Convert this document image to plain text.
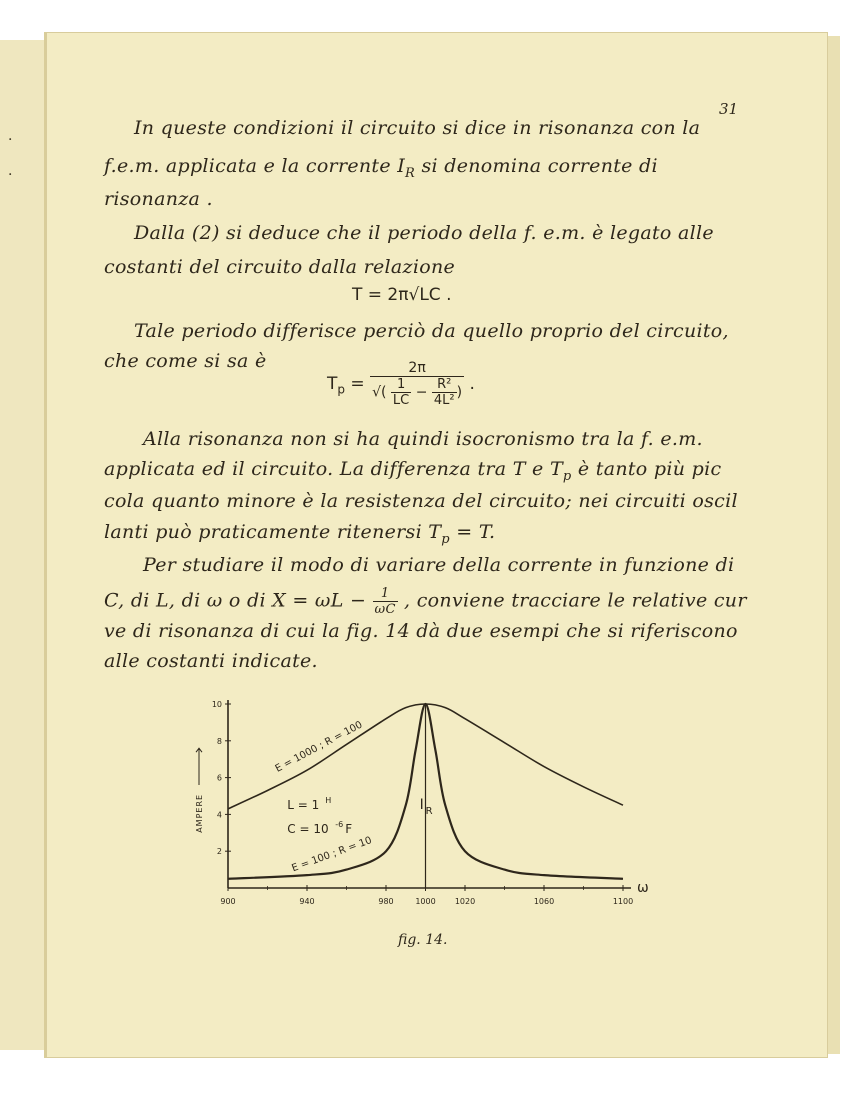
·
·
31
In queste condizioni il circuito si dice in risonanza con la
f.e.m. applicata e la corrente $I_R$ si denomina corrente di
risonanza .
Dalla (2) si deduce che il periodo della f. e.m. è legato alle
costanti del circuito dalla relazione
T = 2π√LC .
Tale periodo differisce perciò da quello proprio del circuito,
che come si sa è
$T_p = \frac{2\pi}{√( \frac{1}{LC} - \frac{\text{R²}}{\text{4L²}} )}$ .
Alla risonanza non si ha quindi isocronismo tra la f. e.m.
applicata ed il circuito. La differenza tra T e $T_p$ è tanto più pic
cola quanto minore è la resistenza del circuito; nei circuiti oscil
lanti può praticamente ritenersi $T_p = T$.
Per studiare il modo di variare della corrente in funzione di
C, di L, di ω o di $X = \omega L - \frac{1}{\omega C}$ , conviene tracciare le relative cur
ve di risonanza di cui la fig. 14 dà due esempi che si riferiscono
alle costanti indicate.
900	940	980	1000 1020	1060	1100
10
8
6
4
2
E = 1000 ; R = 100
E = 100 ; R = 10
L = 1 H
C = 10 -6 F
I R
ω
AMPERE
fig. 14.
